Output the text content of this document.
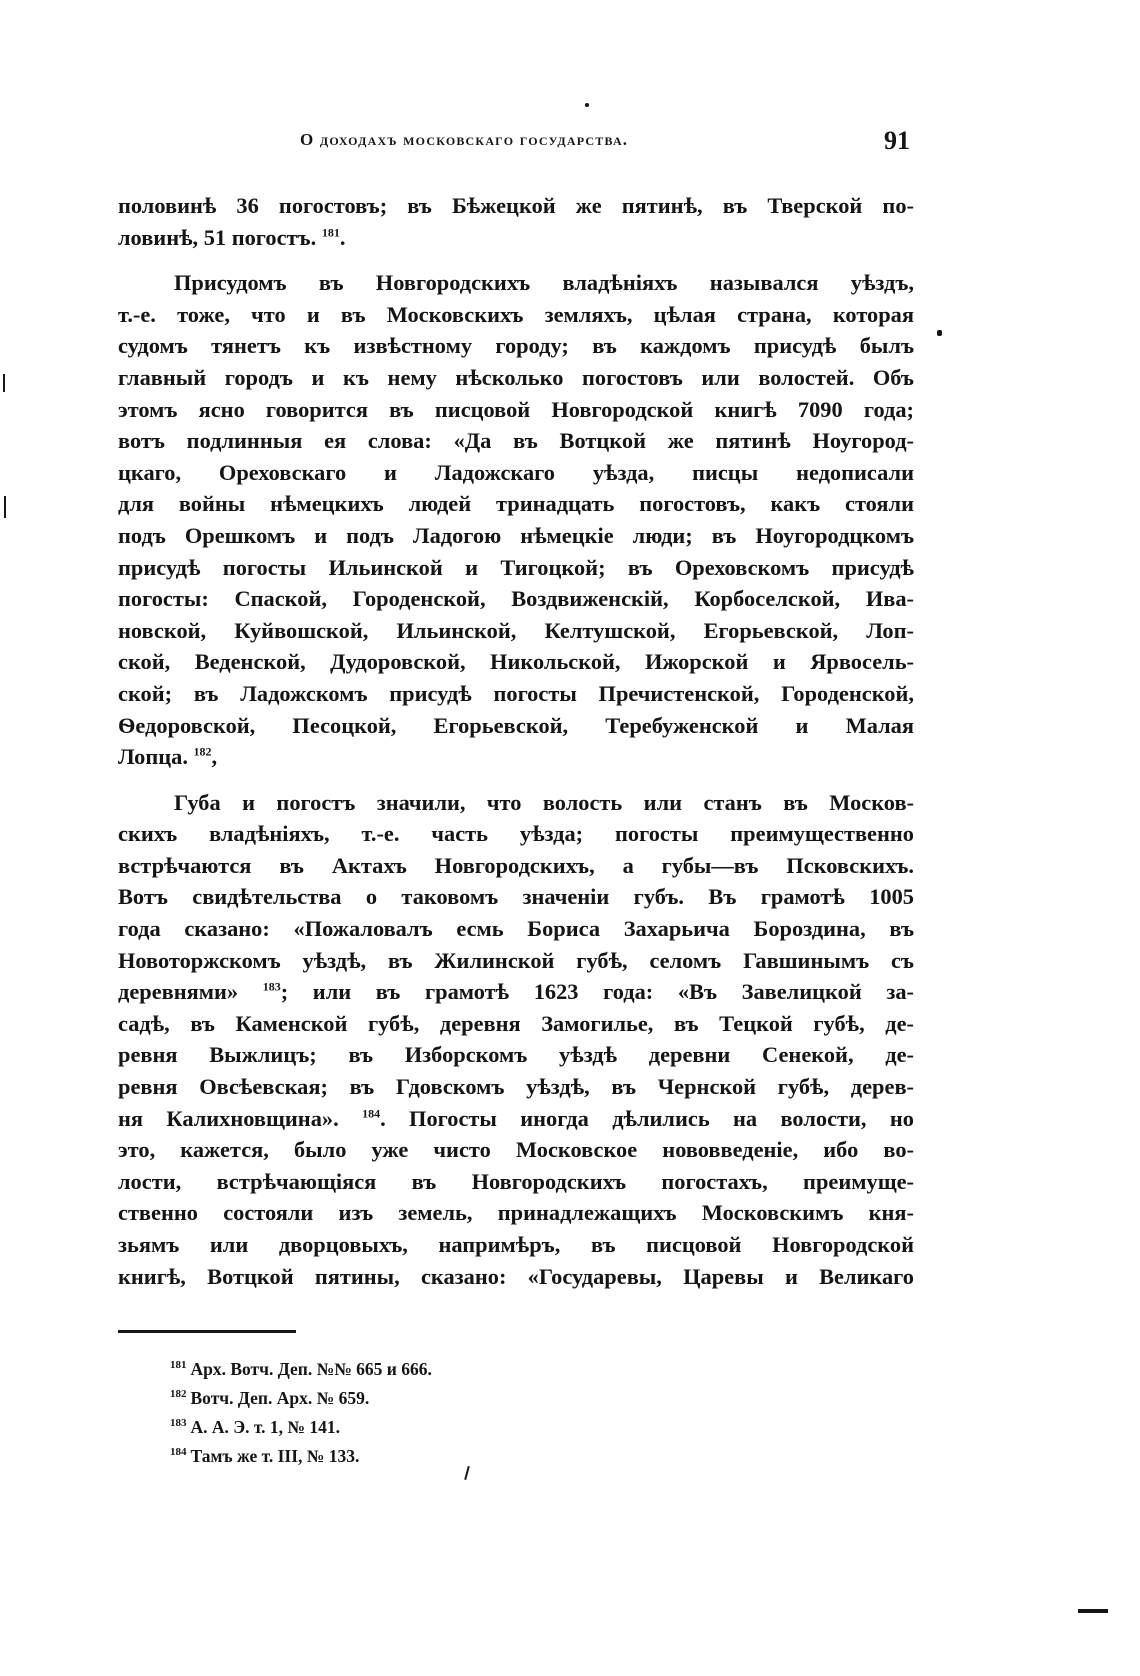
О доходахъ московскаго государства.	91
половинѣ 36 погостовъ; въ Бѣжецкой же пятинѣ, въ Тверской по-
ловинѣ, 51 погостъ. $^{181}$.
Присудомъ въ Новгородскихъ владѣніяхъ назывался уѣздъ,
т.-е. тоже, что и въ Московскихъ земляхъ, цѣлая страна, которая
судомъ тянетъ къ извѣстному городу; въ каждомъ присудѣ былъ
главный городъ и къ нему нѣсколько погостовъ или волостей. Объ
этомъ ясно говорится въ писцовой Новгородской книгѣ 7090 года;
вотъ подлинныя ея слова: «Да въ Вотцкой же пятинѣ Ноугород-
цкаго, Ореховскаго и Ладожскаго уѣзда, писцы недописали
для войны нѣмецкихъ людей тринадцать погостовъ, какъ стояли
подъ Орешкомъ и подъ Ладогою нѣмецкіе люди; въ Ноугородцкомъ
присудѣ погосты Ильинской и Тигоцкой; въ Ореховскомъ присудѣ
погосты: Спаской, Городенской, Воздвиженскій, Корбоселской, Ива-
новской, Куйвошской, Ильинской, Келтушской, Егорьевской, Лоп-
ской, Веденской, Дудоровской, Никольской, Ижорской и Ярвосель-
ской; въ Ладожскомъ присудѣ погосты Пречистенской, Городенской,
Ѳедоровской, Песоцкой, Егорьевской, Теребуженской и Малая
Лопца. $^{182}$,
Губа и погостъ значили, что волость или станъ въ Москов-
скихъ владѣніяхъ, т.-е. часть уѣзда; погосты преимущественно
встрѣчаются въ Актахъ Новгородскихъ, а губы—въ Псковскихъ.
Вотъ свидѣтельства о таковомъ значеніи губъ. Въ грамотѣ 1005
года сказано: «Пожаловалъ есмь Бориса Захарьича Бороздина, въ
Новоторжскомъ уѣздѣ, въ Жилинской губѣ, селомъ Гавшинымъ съ
деревнями» $^{183}$; или въ грамотѣ 1623 года: «Въ Завелицкой за-
садѣ, въ Каменской губѣ, деревня Замогилье, въ Тецкой губѣ, де-
ревня Выжлицъ; въ Изборскомъ уѣздѣ деревни Сенекой, де-
ревня Овсѣевская; въ Гдовскомъ уѣздѣ, въ Чернской губѣ, дерев-
ня Калихновщина». $^{184}$. Погосты иногда дѣлились на волости, но
это, кажется, было уже чисто Московское нововведеніе, ибо во-
лости, встрѣчающіяся въ Новгородскихъ погостахъ, преимуще-
ственно состояли изъ земель, принадлежащихъ Московскимъ кня-
зьямъ или дворцовыхъ, напримѣръ, въ писцовой Новгородской
книгѣ, Вотцкой пятины, сказано: «Государевы, Царевы и Великаго
$^{181}$ Арх. Вотч. Деп. №№ 665 и 666.
$^{182}$ Вотч. Деп. Арх. № 659.
$^{183}$ А. А. Э. т. 1, № 141.
$^{184}$ Тамъ же т. III, № 133.
